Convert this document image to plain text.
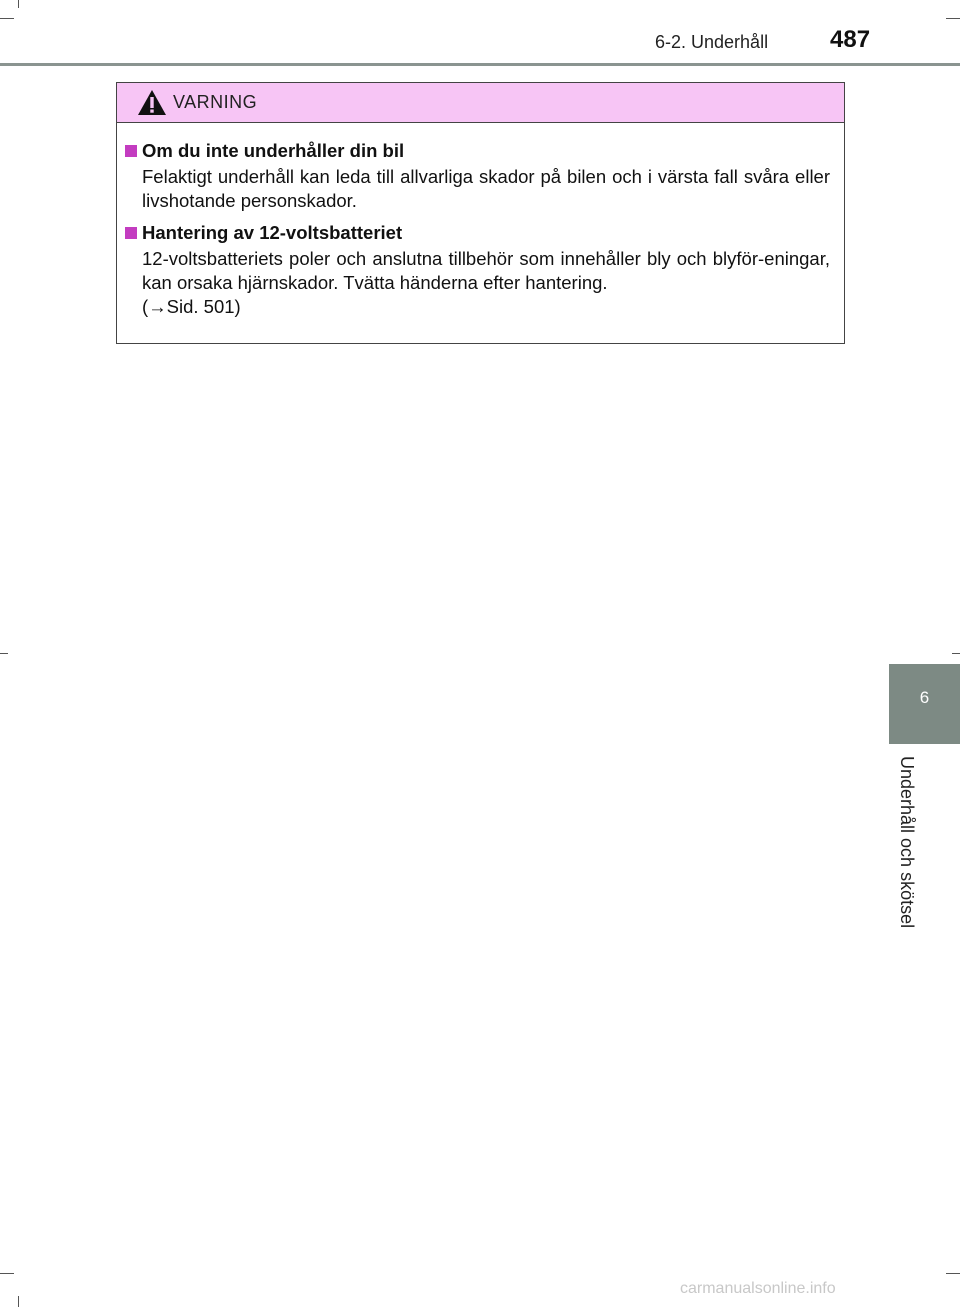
6-2. Underhåll	487
VARNING
Om du inte underhåller din bil
Felaktigt underhåll kan leda till allvarliga skador på bilen och i värsta fall svåra eller livshotande personskador.
Hantering av 12-voltsbatteriet
12-voltsbatteriets poler och anslutna tillbehör som innehåller bly och blyför-eningar, kan orsaka hjärnskador. Tvätta händerna efter hantering.
(→Sid. 501)
6
Underhåll och skötsel
carmanualsonline.info
